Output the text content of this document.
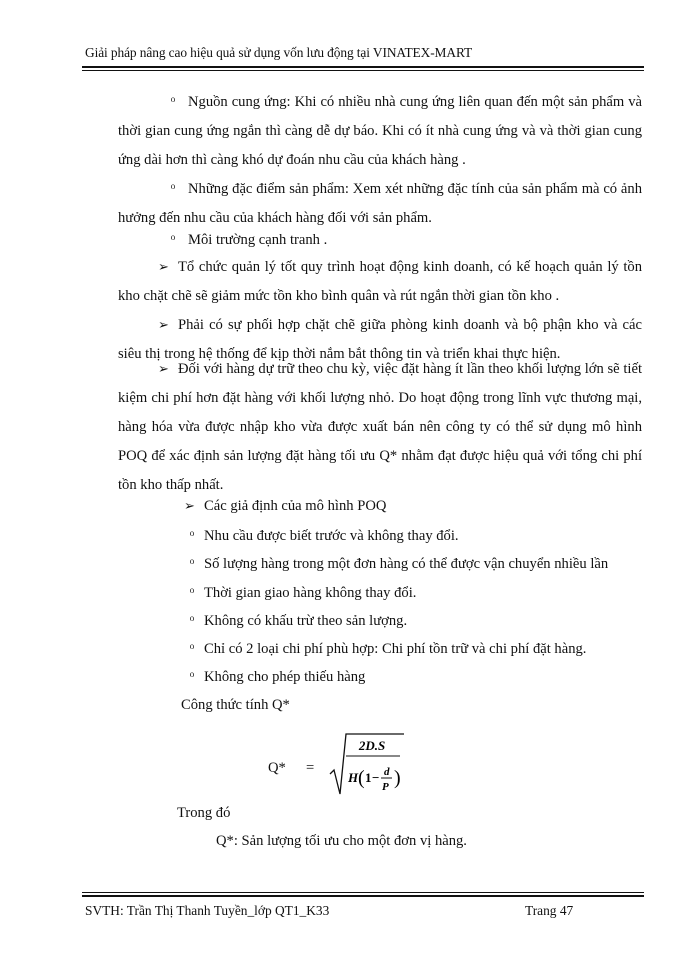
Giải pháp nâng cao hiệu quả sử dụng vốn lưu động tại VINATEX-MART
o Nguồn cung ứng: Khi có nhiều nhà cung ứng liên quan đến một sản phẩm và thời gian cung ứng ngắn thì càng dễ dự báo. Khi có ít nhà cung ứng và và thời gian cung ứng dài hơn thì càng khó dự đoán nhu cầu của khách hàng .
o Những đặc điểm sản phẩm: Xem xét những đặc tính của sản phẩm mà có ảnh hưởng đến nhu cầu của khách hàng đối với sản phẩm.
o Môi trường cạnh tranh .
➢ Tổ chức quản lý tốt quy trình hoạt động kinh doanh, có kế hoạch quản lý tồn kho chặt chẽ sẽ giảm mức tồn kho bình quân và rút ngắn thời gian tồn kho .
➢ Phải có sự phối hợp chặt chẽ giữa phòng kinh doanh và bộ phận kho và các siêu thị trong hệ thống để kịp thời nắm bắt thông tin và triển khai thực hiện.
➢ Đối với hàng dự trữ theo chu kỳ, việc đặt hàng ít lần theo khối lượng lớn sẽ tiết kiệm chi phí hơn đặt hàng với khối lượng nhỏ. Do hoạt động trong lĩnh vực thương mại, hàng hóa vừa được nhập kho vừa được xuất bán nên công ty có thể sử dụng mô hình POQ để xác định sản lượng đặt hàng tối ưu Q* nhằm đạt được hiệu quả với tổng chi phí tồn kho thấp nhất.
➢ Các giả định của mô hình POQ
o Nhu cầu được biết trước và không thay đổi.
o Số lượng hàng trong một đơn hàng có thể được vận chuyển nhiều lần
o Thời gian giao hàng không thay đổi.
o Không có khấu trừ theo sản lượng.
o Chỉ có 2 loại chi phí phù hợp: Chi phí tồn trữ và chi phí đặt hàng.
o Không cho phép thiếu hàng
Công thức tính Q*
Q* =
2D.S
H ( 1 − d
P )
Trong đó
Q*: Sản lượng tối ưu cho một đơn vị hàng.
SVTH: Trần Thị Thanh Tuyền_lớp QT1_K33	Trang 47
